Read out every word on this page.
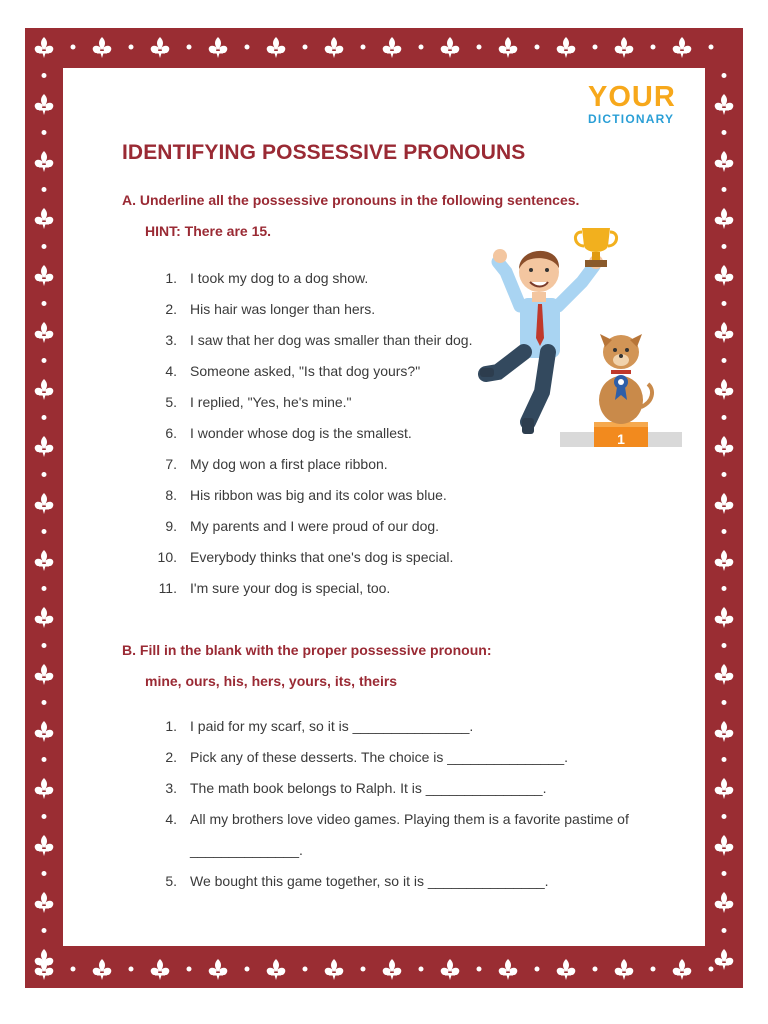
YOUR
DICTIONARY
IDENTIFYING POSSESSIVE PRONOUNS

A. Underline all the possessive pronouns in the following sentences.

HINT: There are 15.

1. I took my dog to a dog show.
2. His hair was longer than hers.
3. I saw that her dog was smaller than their dog.
4. Someone asked, "Is that dog yours?"
5. I replied, "Yes, he's mine."
6. I wonder whose dog is the smallest.
7. My dog won a first place ribbon.
8. His ribbon was big and its color was blue.
9. My parents and I were proud of our dog.
10. Everybody thinks that one's dog is special.
11. I'm sure your dog is special, too.
1

B. Fill in the blank with the proper possessive pronoun:

mine, ours, his, hers, yours, its, theirs

1. I paid for my scarf, so it is _______________.
2. Pick any of these desserts. The choice is _______________.
3. The math book belongs to Ralph. It is _______________.
4. All my brothers love video games. Playing them is a favorite pastime of
______________.
5. We bought this game together, so it is _______________.
